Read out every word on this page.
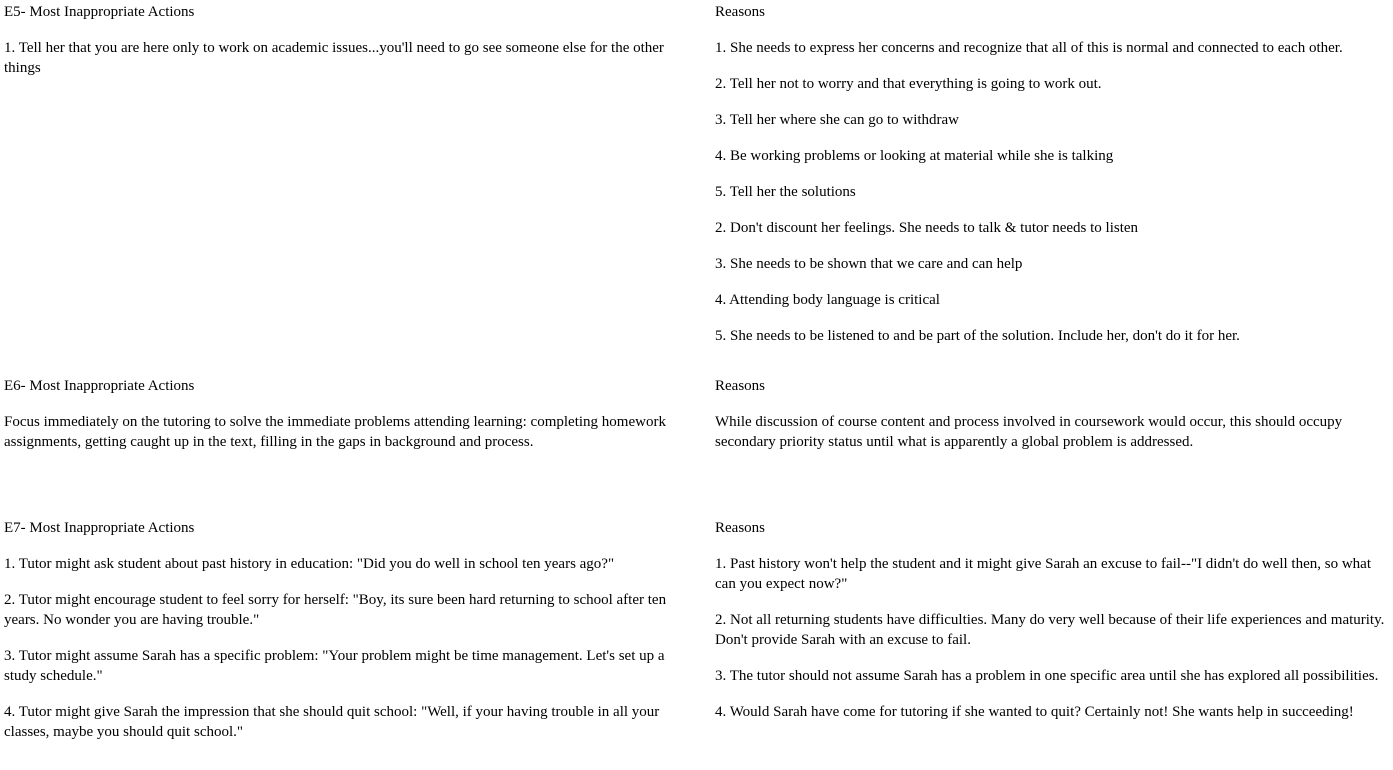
E5- Most Inappropriate Actions
1. Tell her that you are here only to work on academic issues...you'll need to go see someone else for the other things
Reasons
1. She needs to express her concerns and recognize that all of this is normal and connected to each other.
2. Tell her not to worry and that everything is going to work out.
3. Tell her where she can go to withdraw
4. Be working problems or looking at material while she is talking
5. Tell her the solutions
2. Don't discount her feelings. She needs to talk & tutor needs to listen
3. She needs to be shown that we care and can help
4. Attending body language is critical
5. She needs to be listened to and be part of the solution. Include her, don't do it for her.
E6- Most Inappropriate Actions
Focus immediately on the tutoring to solve the immediate problems attending learning: completing homework assignments, getting caught up in the text, filling in the gaps in background and process.
Reasons
While discussion of course content and process involved in coursework would occur, this should occupy secondary priority status until what is apparently a global problem is addressed.
E7- Most Inappropriate Actions
1. Tutor might ask student about past history in education: "Did you do well in school ten years ago?"
2. Tutor might encourage student to feel sorry for herself: "Boy, its sure been hard returning to school after ten years. No wonder you are having trouble."
3. Tutor might assume Sarah has a specific problem: "Your problem might be time management. Let's set up a study schedule."
4. Tutor might give Sarah the impression that she should quit school: "Well, if your having trouble in all your classes, maybe you should quit school."
Reasons
1. Past history won't help the student and it might give Sarah an excuse to fail--"I didn't do well then, so what can you expect now?"
2. Not all returning students have difficulties. Many do very well because of their life experiences and maturity. Don't provide Sarah with an excuse to fail.
3. The tutor should not assume Sarah has a problem in one specific area until she has explored all possibilities.
4. Would Sarah have come for tutoring if she wanted to quit? Certainly not! She wants help in succeeding!
